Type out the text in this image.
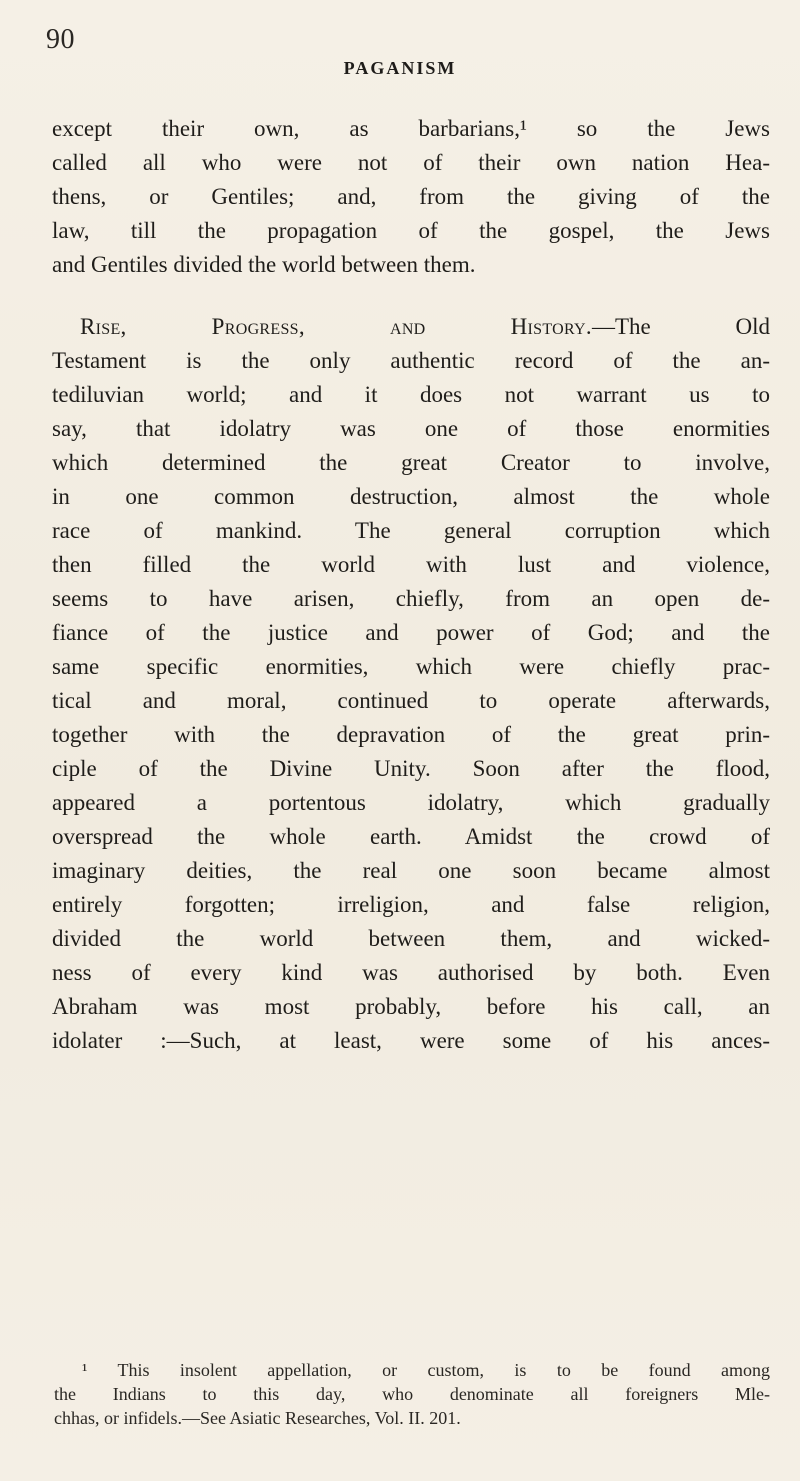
90
PAGANISM
except their own, as barbarians,¹ so the Jews
called all who were not of their own nation Hea-
thens, or Gentiles; and, from the giving of the
law, till the propagation of the gospel, the Jews
and Gentiles divided the world between them.
Rise, Progress, and History.—The Old
Testament is the only authentic record of the an-
tediluvian world; and it does not warrant us to
say, that idolatry was one of those enormities
which determined the great Creator to involve,
in one common destruction, almost the whole
race of mankind. The general corruption which
then filled the world with lust and violence,
seems to have arisen, chiefly, from an open de-
fiance of the justice and power of God; and the
same specific enormities, which were chiefly prac-
tical and moral, continued to operate afterwards,
together with the depravation of the great prin-
ciple of the Divine Unity. Soon after the flood,
appeared a portentous idolatry, which gradually
overspread the whole earth. Amidst the crowd of
imaginary deities, the real one soon became almost
entirely forgotten; irreligion, and false religion,
divided the world between them, and wicked-
ness of every kind was authorised by both. Even
Abraham was most probably, before his call, an
idolater :—Such, at least, were some of his ances-
¹ This insolent appellation, or custom, is to be found among
the Indians to this day, who denominate all foreigners Mle-
chhas, or infidels.—See Asiatic Researches, Vol. II. 201.
